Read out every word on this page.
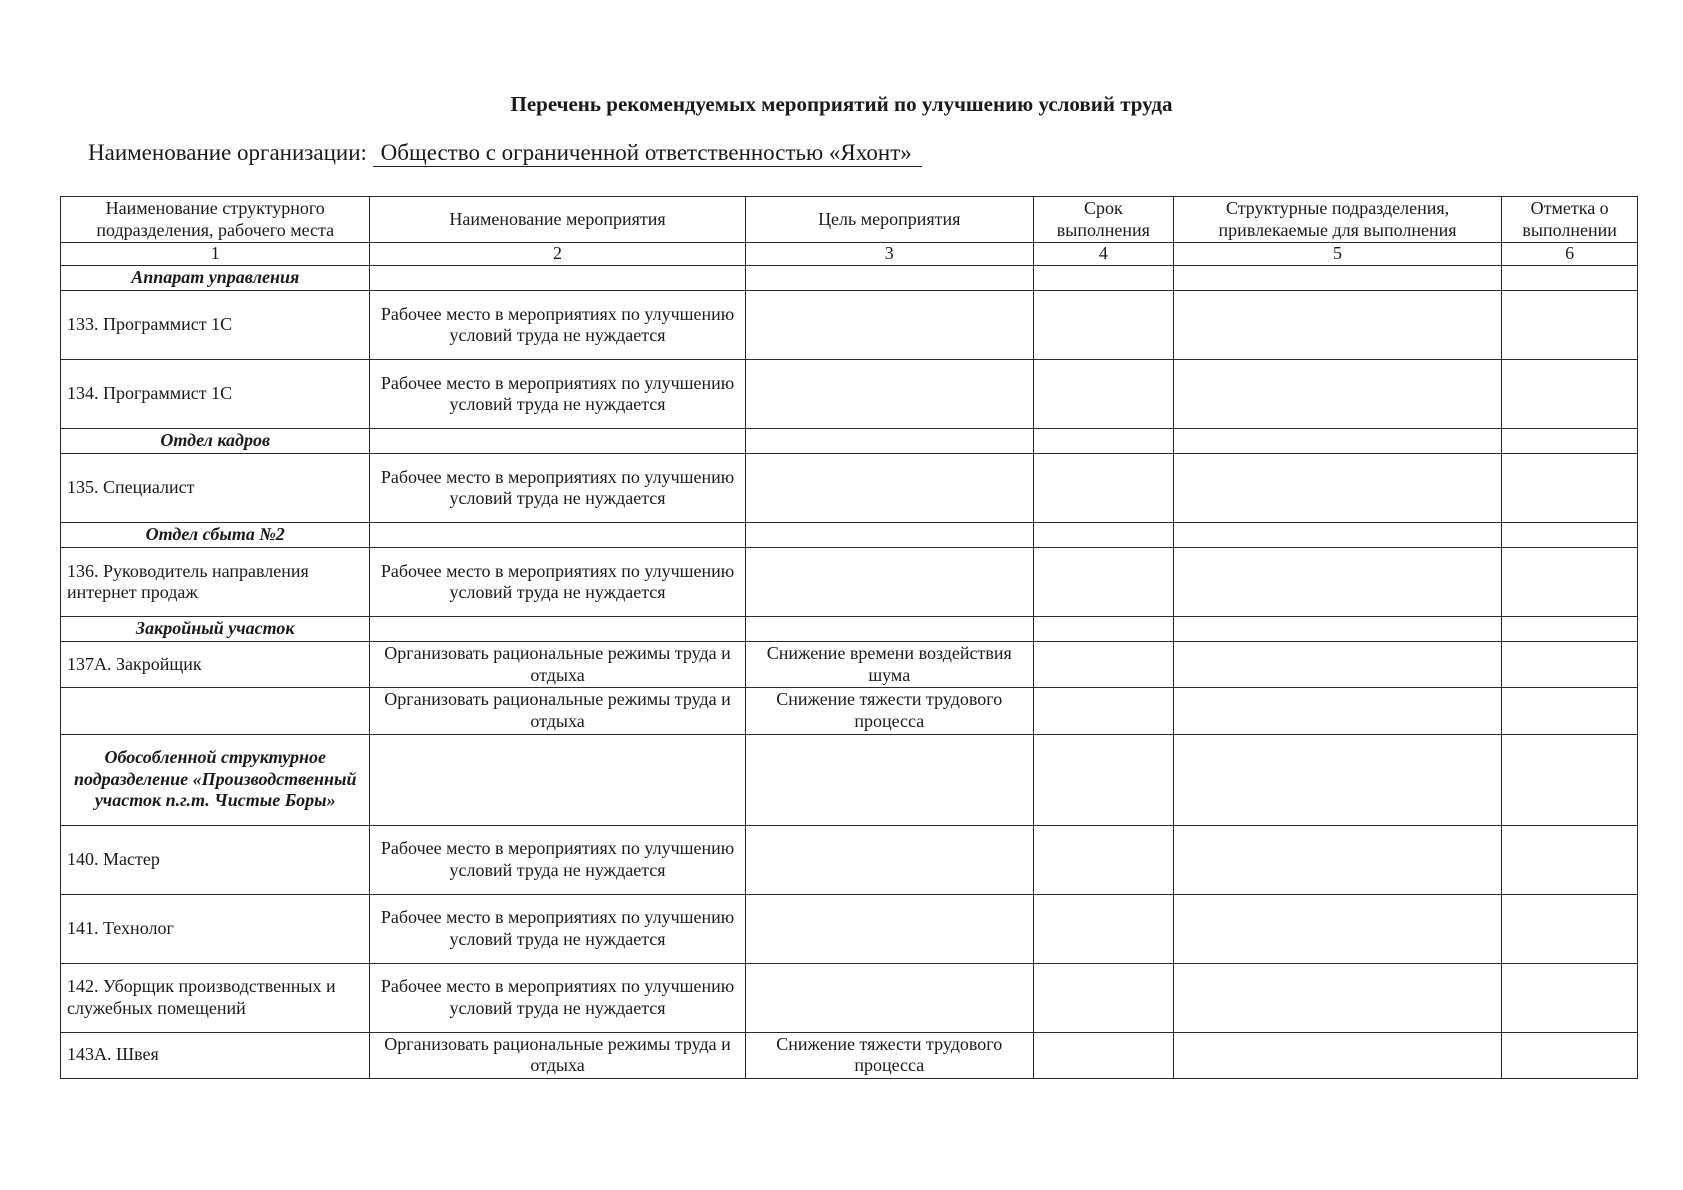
Перечень рекомендуемых мероприятий по улучшению условий труда
Наименование организации: Общество с ограниченной ответственностью «Яхонт»
Наименование структурного подразделения, рабочего места	Наименование мероприятия	Цель мероприятия	Срок выполнения	Структурные подразделения, привлекаемые для выполнения	Отметка о выполнении
1	2	3	4	5	6
Аппарат управления					
133. Программист 1С	Рабочее место в мероприятиях по улучшению условий труда не нуждается				
134. Программист 1С	Рабочее место в мероприятиях по улучшению условий труда не нуждается				
Отдел кадров					
135. Специалист	Рабочее место в мероприятиях по улучшению условий труда не нуждается				
Отдел сбыта №2					
136. Руководитель направления интернет продаж	Рабочее место в мероприятиях по улучшению условий труда не нуждается				
Закройный участок					
137А. Закройщик	Организовать рациональные режимы труда и отдыха	Снижение времени воздействия шума			
	Организовать рациональные режимы труда и отдыха	Снижение тяжести трудового процесса			
Обособленной структурное подразделение «Производственный участок п.г.т. Чистые Боры»					
140. Мастер	Рабочее место в мероприятиях по улучшению условий труда не нуждается				
141. Технолог	Рабочее место в мероприятиях по улучшению условий труда не нуждается				
142. Уборщик производственных и служебных помещений	Рабочее место в мероприятиях по улучшению условий труда не нуждается				
143А. Швея	Организовать рациональные режимы труда и отдыха	Снижение тяжести трудового процесса			
